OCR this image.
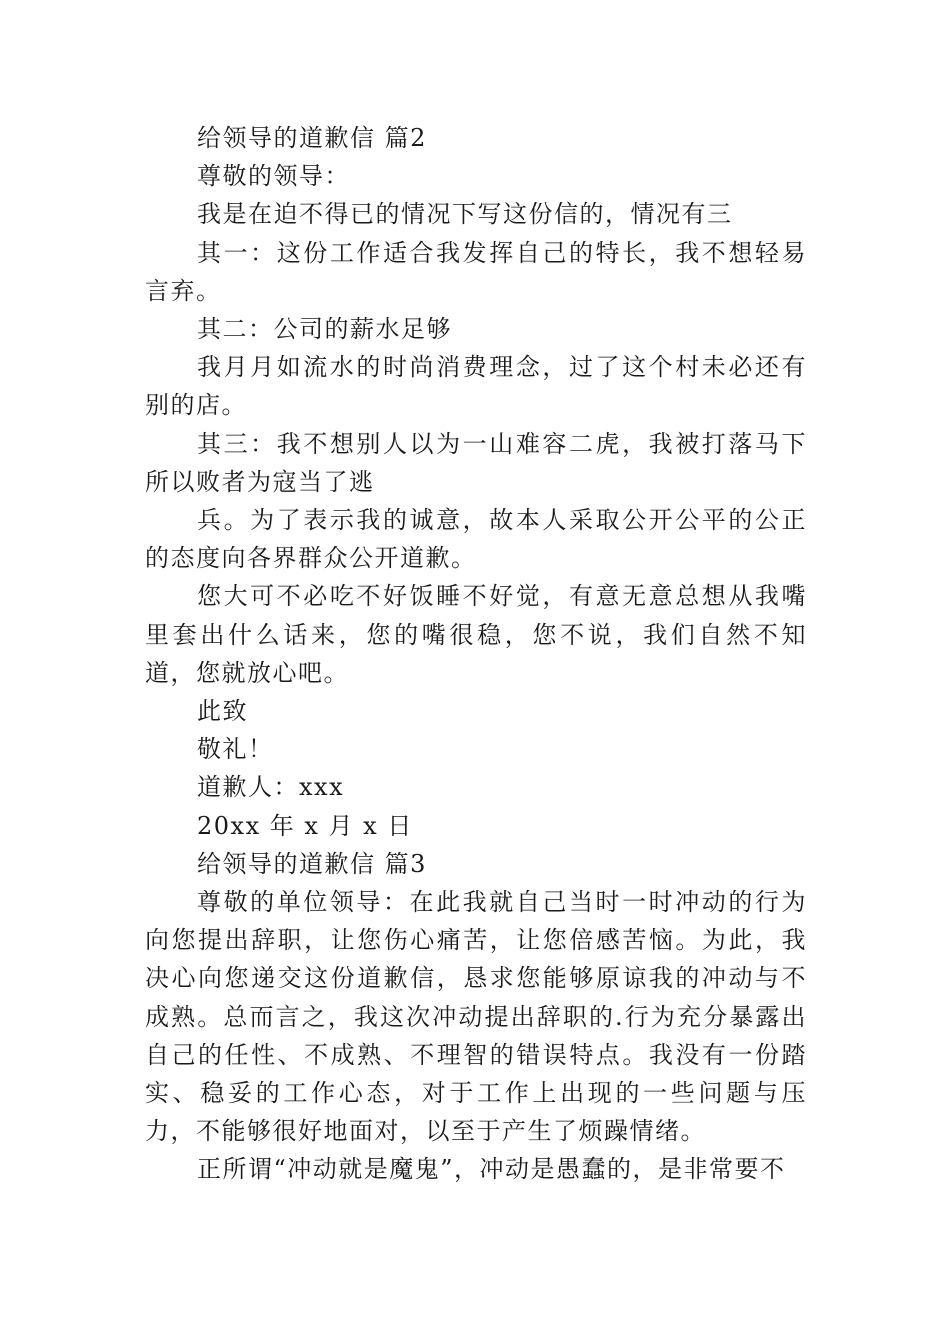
给领导的道歉信 篇2

尊敬的领导：

我是在迫不得已的情况下写这份信的，情况有三

其一：这份工作适合我发挥自己的特长，我不想轻易言弃。

其二：公司的薪水足够

我月月如流水的时尚消费理念，过了这个村未必还有别的店。

其三：我不想别人以为一山难容二虎，我被打落马下所以败者为寇当了逃

兵。为了表示我的诚意，故本人采取公开公平的公正的态度向各界群众公开道歉。

您大可不必吃不好饭睡不好觉，有意无意总想从我嘴里套出什么话来，您的嘴很稳，您不说，我们自然不知道，您就放心吧。

此致

敬礼！

道歉人：xxx

20xx 年 x 月 x 日

给领导的道歉信 篇3

尊敬的单位领导：在此我就自己当时一时冲动的行为向您提出辞职，让您伤心痛苦，让您倍感苦恼。为此，我决心向您递交这份道歉信，恳求您能够原谅我的冲动与不成熟。总而言之，我这次冲动提出辞职的.行为充分暴露出自己的任性、不成熟、不理智的错误特点。我没有一份踏实、稳妥的工作心态，对于工作上出现的一些问题与压力，不能够很好地面对，以至于产生了烦躁情绪。

正所谓“冲动就是魔鬼”，冲动是愚蠢的，是非常要不
